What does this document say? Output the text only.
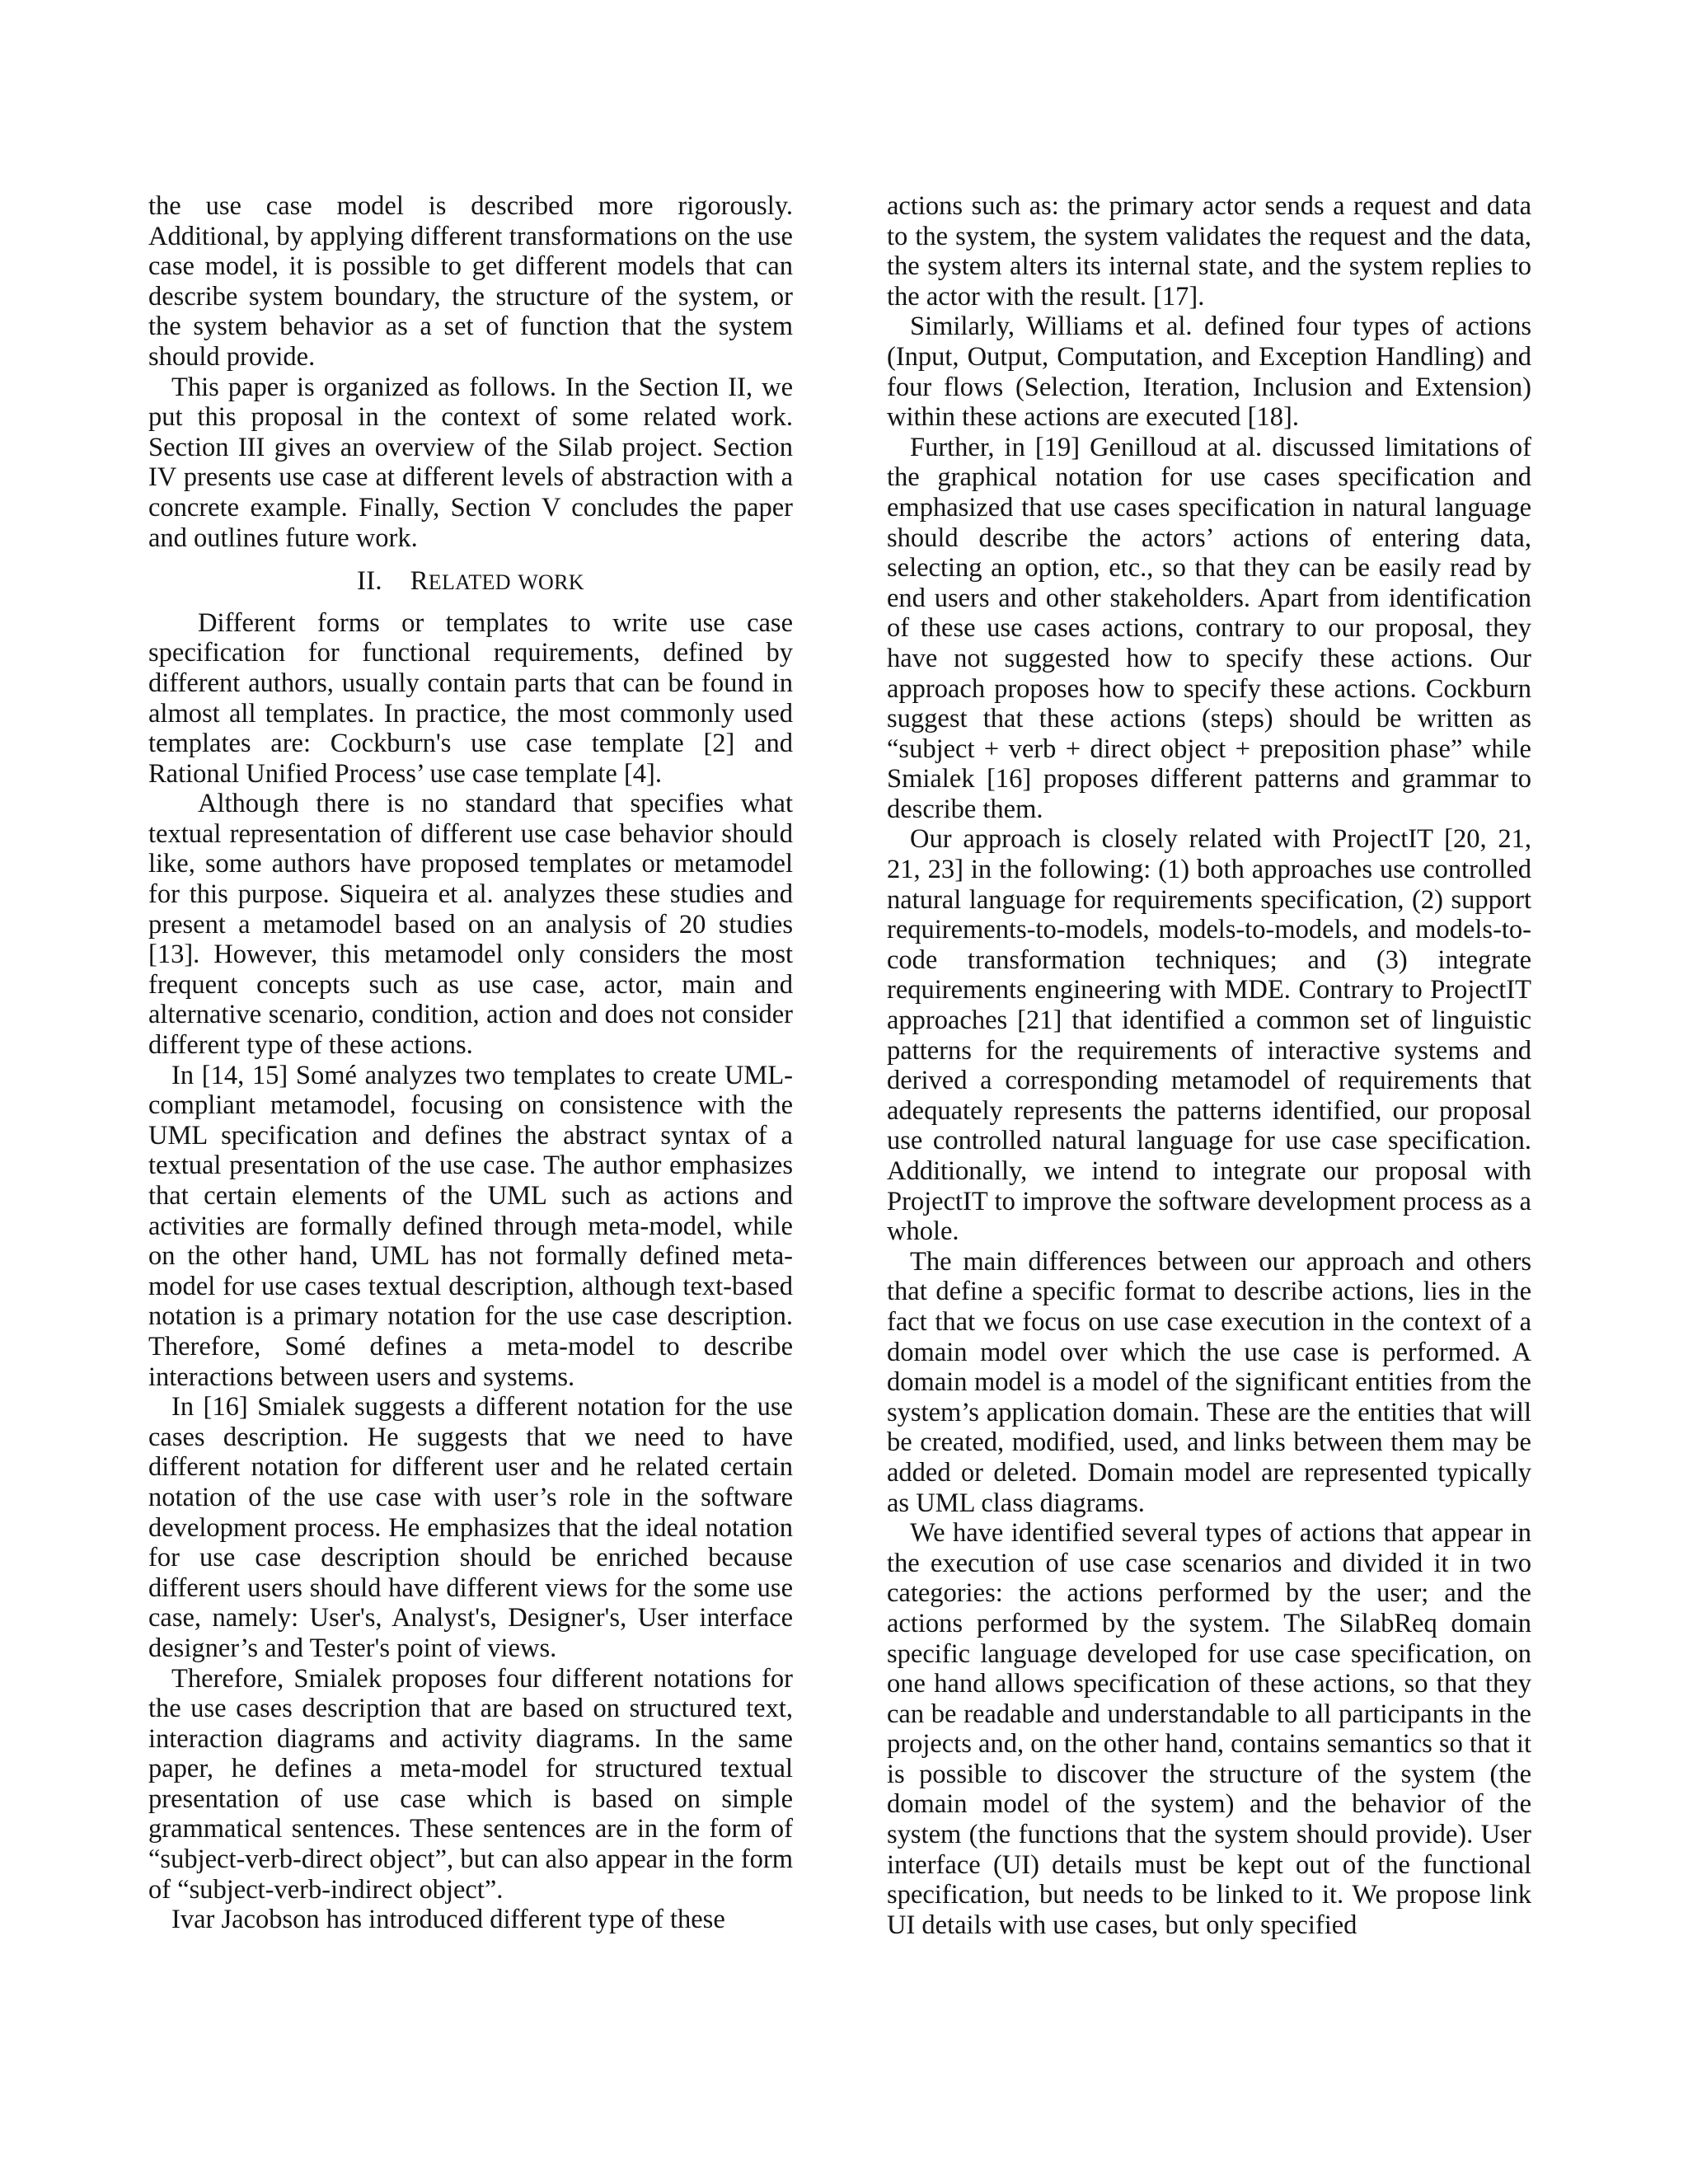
the use case model is described more rigorously. Additional, by applying different transformations on the use case model, it is possible to get different models that can describe system boundary, the structure of the system, or the system behavior as a set of function that the system should provide.

This paper is organized as follows. In the Section II, we put this proposal in the context of some related work. Section III gives an overview of the Silab project. Section IV presents use case at different levels of abstraction with a concrete example. Finally, Section V concludes the paper and outlines future work.

II. RELATED WORK

Different forms or templates to write use case specification for functional requirements, defined by different authors, usually contain parts that can be found in almost all templates. In practice, the most commonly used templates are: Cockburn's use case template [2] and Rational Unified Process’ use case template [4].

Although there is no standard that specifies what textual representation of different use case behavior should like, some authors have proposed templates or metamodel for this purpose. Siqueira et al. analyzes these studies and present a metamodel based on an analysis of 20 studies [13]. However, this metamodel only considers the most frequent concepts such as use case, actor, main and alternative scenario, condition, action and does not consider different type of these actions.

In [14, 15] Somé analyzes two templates to create UML-compliant metamodel, focusing on consistence with the UML specification and defines the abstract syntax of a textual presentation of the use case. The author emphasizes that certain elements of the UML such as actions and activities are formally defined through meta-model, while on the other hand, UML has not formally defined meta-model for use cases textual description, although text-based notation is a primary notation for the use case description. Therefore, Somé defines a meta-model to describe interactions between users and systems.

In [16] Smialek suggests a different notation for the use cases description. He suggests that we need to have different notation for different user and he related certain notation of the use case with user’s role in the software development process. He emphasizes that the ideal notation for use case description should be enriched because different users should have different views for the some use case, namely: User's, Analyst's, Designer's, User interface designer’s and Tester's point of views.

Therefore, Smialek proposes four different notations for the use cases description that are based on structured text, interaction diagrams and activity diagrams. In the same paper, he defines a meta-model for structured textual presentation of use case which is based on simple grammatical sentences. These sentences are in the form of “subject-verb-direct object”, but can also appear in the form of “subject-verb-indirect object”.

Ivar Jacobson has introduced different type of these

actions such as: the primary actor sends a request and data to the system, the system validates the request and the data, the system alters its internal state, and the system replies to the actor with the result. [17].

Similarly, Williams et al. defined four types of actions (Input, Output, Computation, and Exception Handling) and four flows (Selection, Iteration, Inclusion and Extension) within these actions are executed [18].

Further, in [19] Genilloud at al. discussed limitations of the graphical notation for use cases specification and emphasized that use cases specification in natural language should describe the actors’ actions of entering data, selecting an option, etc., so that they can be easily read by end users and other stakeholders. Apart from identification of these use cases actions, contrary to our proposal, they have not suggested how to specify these actions. Our approach proposes how to specify these actions. Cockburn suggest that these actions (steps) should be written as “subject + verb + direct object + preposition phase” while Smialek [16] proposes different patterns and grammar to describe them.

Our approach is closely related with ProjectIT [20, 21, 21, 23] in the following: (1) both approaches use controlled natural language for requirements specification, (2) support requirements-to-models, models-to-models, and models-to-code transformation techniques; and (3) integrate requirements engineering with MDE. Contrary to ProjectIT approaches [21] that identified a common set of linguistic patterns for the requirements of interactive systems and derived a corresponding metamodel of requirements that adequately represents the patterns identified, our proposal use controlled natural language for use case specification. Additionally, we intend to integrate our proposal with ProjectIT to improve the software development process as a whole.

The main differences between our approach and others that define a specific format to describe actions, lies in the fact that we focus on use case execution in the context of a domain model over which the use case is performed. A domain model is a model of the significant entities from the system’s application domain. These are the entities that will be created, modified, used, and links between them may be added or deleted. Domain model are represented typically as UML class diagrams.

We have identified several types of actions that appear in the execution of use case scenarios and divided it in two categories: the actions performed by the user; and the actions performed by the system. The SilabReq domain specific language developed for use case specification, on one hand allows specification of these actions, so that they can be readable and understandable to all participants in the projects and, on the other hand, contains semantics so that it is possible to discover the structure of the system (the domain model of the system) and the behavior of the system (the functions that the system should provide). User interface (UI) details must be kept out of the functional specification, but needs to be linked to it. We propose link UI details with use cases, but only specified
